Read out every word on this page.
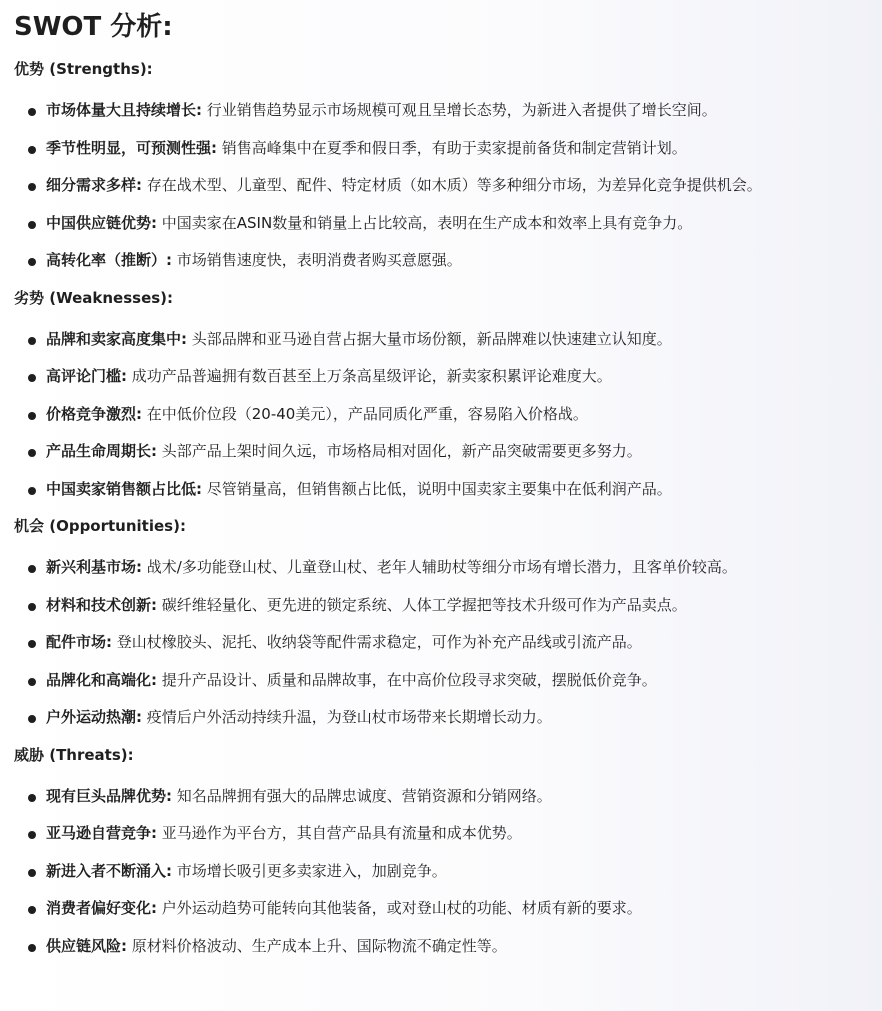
SWOT 分析:
优势 (Strengths):
市场体量大且持续增长: 行业销售趋势显示市场规模可观且呈增长态势，为新进入者提供了增长空间。
季节性明显，可预测性强: 销售高峰集中在夏季和假日季，有助于卖家提前备货和制定营销计划。
细分需求多样: 存在战术型、儿童型、配件、特定材质（如木质）等多种细分市场，为差异化竞争提供机会。
中国供应链优势: 中国卖家在ASIN数量和销量上占比较高，表明在生产成本和效率上具有竞争力。
高转化率（推断）: 市场销售速度快，表明消费者购买意愿强。
劣势 (Weaknesses):
品牌和卖家高度集中: 头部品牌和亚马逊自营占据大量市场份额，新品牌难以快速建立认知度。
高评论门槛: 成功产品普遍拥有数百甚至上万条高星级评论，新卖家积累评论难度大。
价格竞争激烈: 在中低价位段（20-40美元），产品同质化严重，容易陷入价格战。
产品生命周期长: 头部产品上架时间久远，市场格局相对固化，新产品突破需要更多努力。
中国卖家销售额占比低: 尽管销量高，但销售额占比低，说明中国卖家主要集中在低利润产品。
机会 (Opportunities):
新兴利基市场: 战术/多功能登山杖、儿童登山杖、老年人辅助杖等细分市场有增长潜力，且客单价较高。
材料和技术创新: 碳纤维轻量化、更先进的锁定系统、人体工学握把等技术升级可作为产品卖点。
配件市场: 登山杖橡胶头、泥托、收纳袋等配件需求稳定，可作为补充产品线或引流产品。
品牌化和高端化: 提升产品设计、质量和品牌故事，在中高价位段寻求突破，摆脱低价竞争。
户外运动热潮: 疫情后户外活动持续升温，为登山杖市场带来长期增长动力。
威胁 (Threats):
现有巨头品牌优势: 知名品牌拥有强大的品牌忠诚度、营销资源和分销网络。
亚马逊自营竞争: 亚马逊作为平台方，其自营产品具有流量和成本优势。
新进入者不断涌入: 市场增长吸引更多卖家进入，加剧竞争。
消费者偏好变化: 户外运动趋势可能转向其他装备，或对登山杖的功能、材质有新的要求。
供应链风险: 原材料价格波动、生产成本上升、国际物流不确定性等。
